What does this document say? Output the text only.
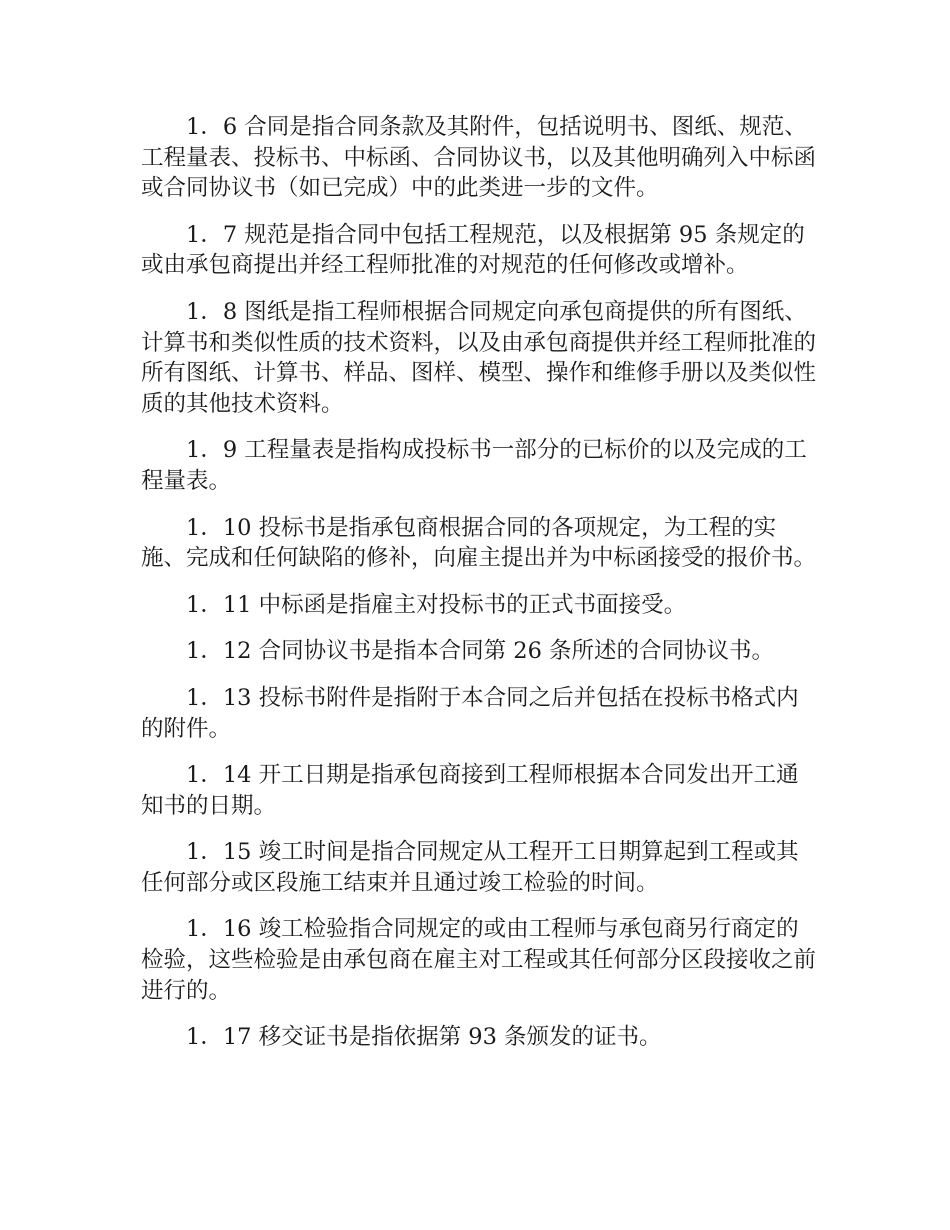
1．6 合同是指合同条款及其附件，包括说明书、图纸、规范、工程量表、投标书、中标函、合同协议书，以及其他明确列入中标函或合同协议书（如已完成）中的此类进一步的文件。

1．7 规范是指合同中包括工程规范，以及根据第 95 条规定的或由承包商提出并经工程师批准的对规范的任何修改或增补。

1．8 图纸是指工程师根据合同规定向承包商提供的所有图纸、计算书和类似性质的技术资料，以及由承包商提供并经工程师批准的所有图纸、计算书、样品、图样、模型、操作和维修手册以及类似性质的其他技术资料。

1．9 工程量表是指构成投标书一部分的已标价的以及完成的工程量表。

1．10 投标书是指承包商根据合同的各项规定，为工程的实施、完成和任何缺陷的修补，向雇主提出并为中标函接受的报价书。

1．11 中标函是指雇主对投标书的正式书面接受。

1．12 合同协议书是指本合同第 26 条所述的合同协议书。

1．13 投标书附件是指附于本合同之后并包括在投标书格式内的附件。

1．14 开工日期是指承包商接到工程师根据本合同发出开工通知书的日期。

1．15 竣工时间是指合同规定从工程开工日期算起到工程或其任何部分或区段施工结束并且通过竣工检验的时间。

1．16 竣工检验指合同规定的或由工程师与承包商另行商定的检验，这些检验是由承包商在雇主对工程或其任何部分区段接收之前进行的。

1．17 移交证书是指依据第 93 条颁发的证书。
